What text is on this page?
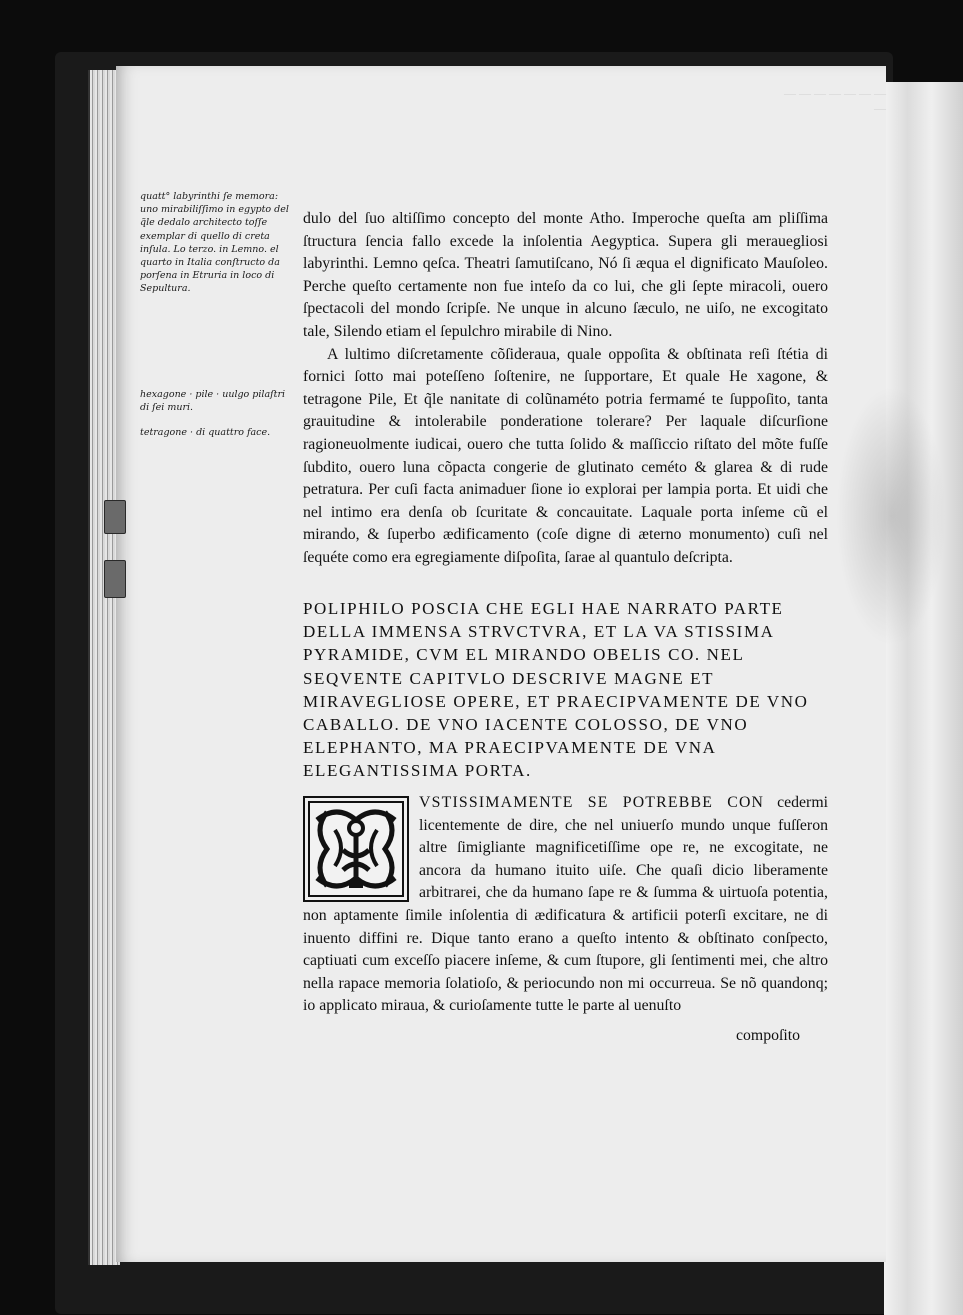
— — — — — — — —
quatt° labyrinthi ſe memora: uno mirabiliſſimo in egypto del q̃le dedalo architecto toſſe exemplar di quello di creta inſula. Lo terzo. in Lemno. el quarto in Italia conſtructo da porſena in Etruria in loco di Sepultura.
hexagone · pile · uulgo pilaſtri di ſei muri.
tetragone · di quattro face.

dulo del ſuo altiſſimo concepto del monte Atho. Imperoche queſta am pliſſima ſtructura ſencia fallo excede la inſolentia Aegyptica. Supera gli merauegliosi labyrinthi. Lemno qeſca. Theatri ſamutiſcano, Nó ſi æqua el dignificato Mauſoleo. Perche queſto certamente non fue inteſo da co lui, che gli ſepte miracoli, ouero ſpectacoli del mondo ſcripſe. Ne unque in alcuno ſæculo, ne uiſo, ne excogitato tale, Silendo etiam el ſepulchro mirabile di Nino.

A lultimo diſcretamente cõſideraua, quale oppoſita & obſtinata reſi ſtétia di fornici ſotto mai poteſſeno ſoſtenire, ne ſupportare, Et quale He xagone, & tetragone Pile, Et q̃le nanitate di colũnaméto potria fermamé te ſuppoſito, tanta grauitudine & intolerabile ponderatione tolerare? Per laquale diſcurſione ragioneuolmente iudicai, ouero che tutta ſolido & maſſiccio riſtato del mõte fuſſe ſubdito, ouero luna cõpacta congerie de glutinato ceméto & glarea & di rude petratura. Per cuſi facta animaduer ſione io explorai per lampia porta. Et uidi che nel intimo era denſa ob ſcuritate & concauitate. Laquale porta inſeme cũ el mirando, & ſuperbo ædificamento (coſe digne di æterno monumento) cuſi nel ſequéte como era egregiamente diſpoſita, ſarae al quantulo deſcripta.

POLIPHILO POSCIA CHE EGLI HAE NARRATO PARTE DELLA IMMENSA STRVCTVRA, ET LA VA STISSIMA PYRAMIDE, CVM EL MIRANDO OBELIS CO. NEL SEQVENTE CAPITVLO DESCRIVE MAGNE ET MIRAVEGLIOSE OPERE, ET PRAECIPVAMENTE DE VNO CABALLO. DE VNO IACENTE COLOSSO, DE VNO ELEPHANTO, MA PRAECIPVAMENTE DE VNA ELEGANTISSIMA PORTA.
VSTISSIMAMENTE SE POTREBBE CON cedermi licentemente de dire, che nel uniuerſo mundo unque fuſſeron altre ſimigliante magnificetiſſime ope re, ne excogitate, ne ancora da humano ituito uiſe. Che quaſi dicio liberamente arbitrarei, che da humano ſape re & ſumma & uirtuoſa potentia, non aptamente ſimile inſolentia di ædificatura & artificii poterſi excitare, ne di inuento diffini re. Dique tanto erano a queſto intento & obſtinato conſpecto, captiuati cum exceſſo piacere inſeme, & cum ſtupore, gli ſentimenti mei, che altro nella rapace memoria ſolatioſo, & periocundo non mi occurreua. Se nõ quandonq; io applicato miraua, & curioſamente tutte le parte al uenuſto
compoſito
